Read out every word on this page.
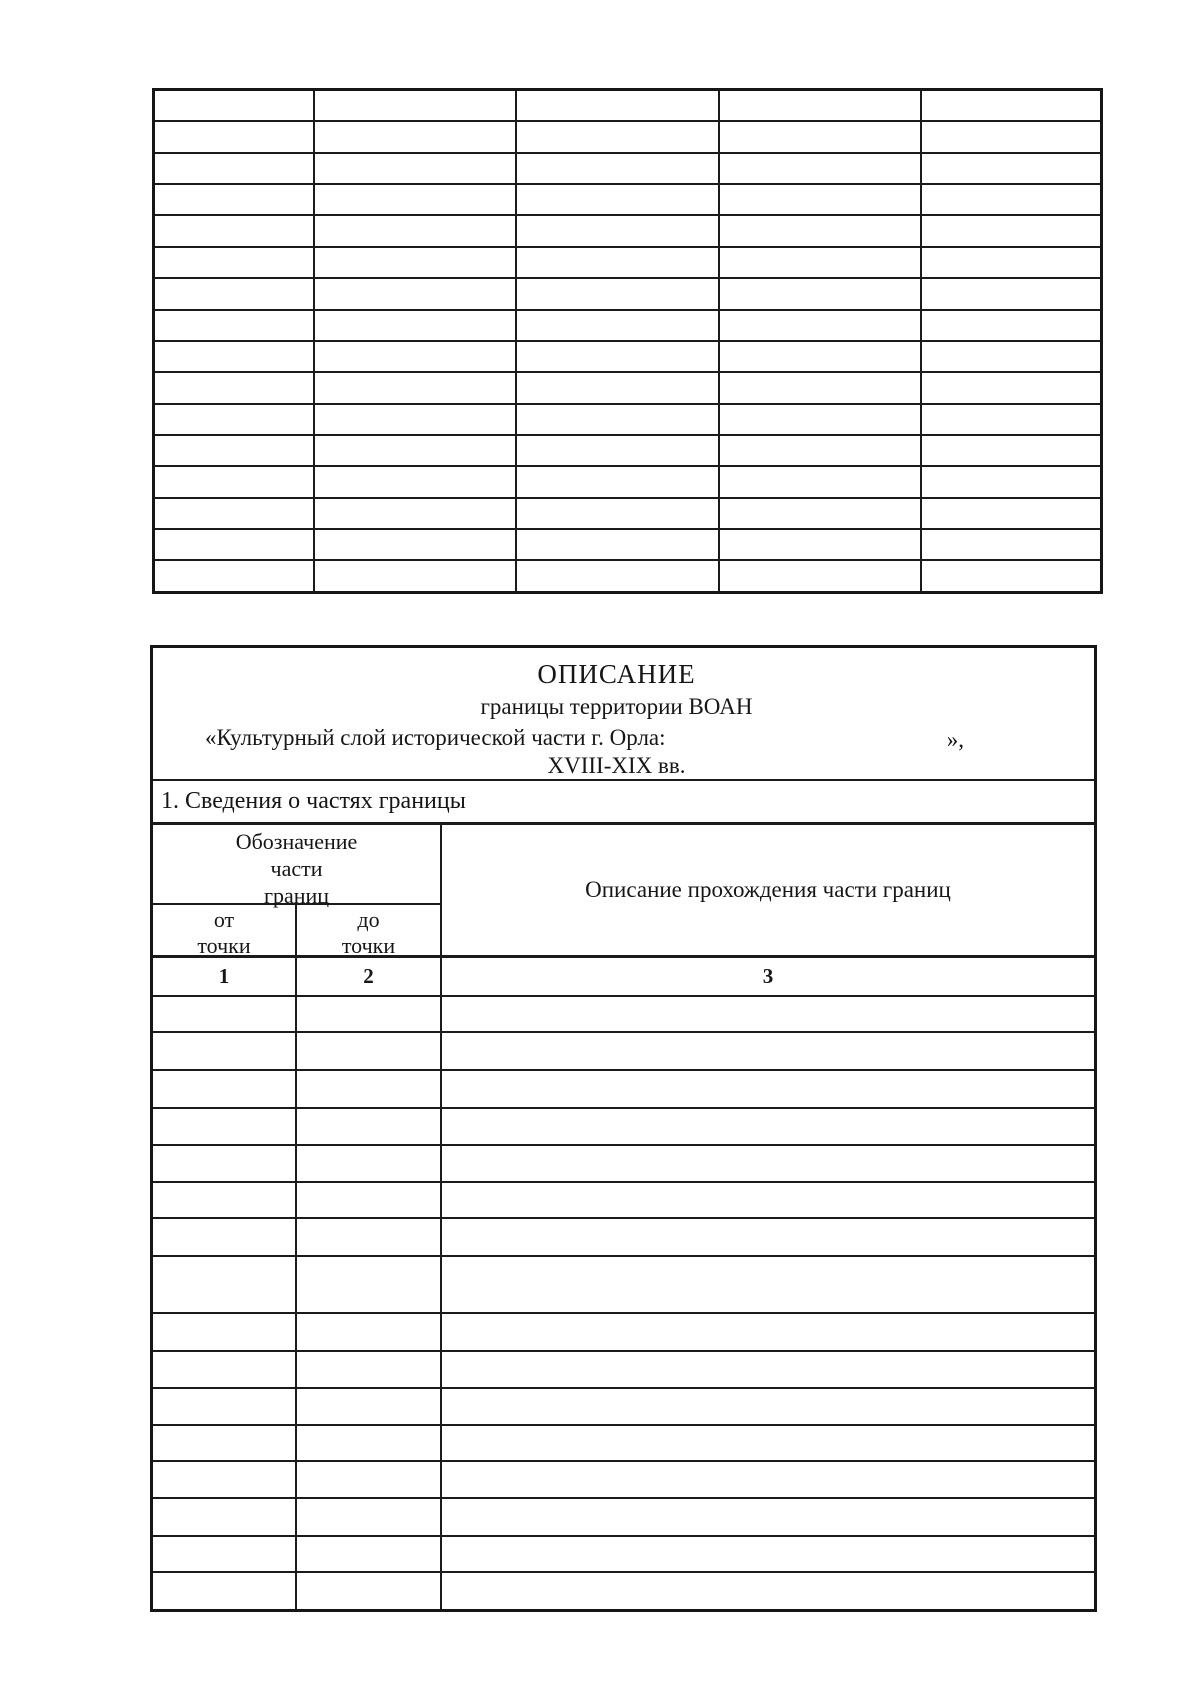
ОПИСАНИЕ
границы территории ВОАН
«Культурный слой исторической части г. Орла:	»,
XVIII-XIX вв.
1. Сведения о частях границы
Обозначение
части
границ	Описание прохождения части границ
от
точки
до
точки
1	2	3
